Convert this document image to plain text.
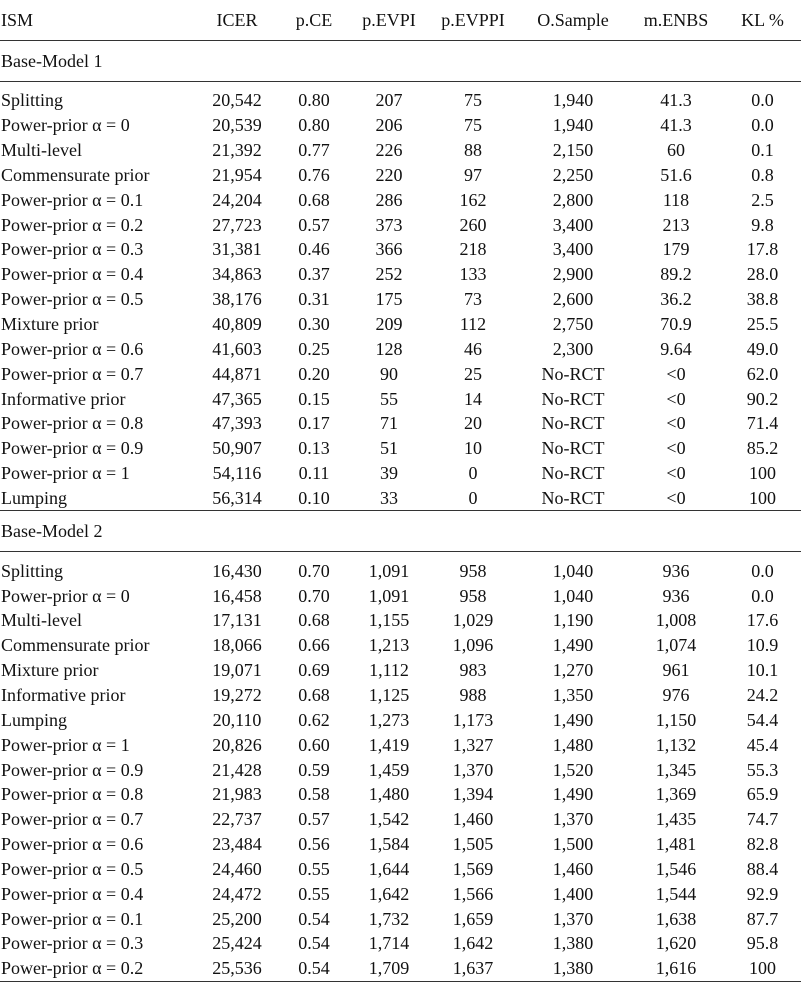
ISM	ICER	p.CE	p.EVPI	p.EVPPI	O.Sample	m.ENBS	KL %
Base-Model 1							
Splitting	20,542	0.80	207	75	1,940	41.3	0.0
Power-prior α = 0	20,539	0.80	206	75	1,940	41.3	0.0
Multi-level	21,392	0.77	226	88	2,150	60	0.1
Commensurate prior	21,954	0.76	220	97	2,250	51.6	0.8
Power-prior α = 0.1	24,204	0.68	286	162	2,800	118	2.5
Power-prior α = 0.2	27,723	0.57	373	260	3,400	213	9.8
Power-prior α = 0.3	31,381	0.46	366	218	3,400	179	17.8
Power-prior α = 0.4	34,863	0.37	252	133	2,900	89.2	28.0
Power-prior α = 0.5	38,176	0.31	175	73	2,600	36.2	38.8
Mixture prior	40,809	0.30	209	112	2,750	70.9	25.5
Power-prior α = 0.6	41,603	0.25	128	46	2,300	9.64	49.0
Power-prior α = 0.7	44,871	0.20	90	25	No-RCT	<0	62.0
Informative prior	47,365	0.15	55	14	No-RCT	<0	90.2
Power-prior α = 0.8	47,393	0.17	71	20	No-RCT	<0	71.4
Power-prior α = 0.9	50,907	0.13	51	10	No-RCT	<0	85.2
Power-prior α = 1	54,116	0.11	39	0	No-RCT	<0	100
Lumping	56,314	0.10	33	0	No-RCT	<0	100
Base-Model 2							
Splitting	16,430	0.70	1,091	958	1,040	936	0.0
Power-prior α = 0	16,458	0.70	1,091	958	1,040	936	0.0
Multi-level	17,131	0.68	1,155	1,029	1,190	1,008	17.6
Commensurate prior	18,066	0.66	1,213	1,096	1,490	1,074	10.9
Mixture prior	19,071	0.69	1,112	983	1,270	961	10.1
Informative prior	19,272	0.68	1,125	988	1,350	976	24.2
Lumping	20,110	0.62	1,273	1,173	1,490	1,150	54.4
Power-prior α = 1	20,826	0.60	1,419	1,327	1,480	1,132	45.4
Power-prior α = 0.9	21,428	0.59	1,459	1,370	1,520	1,345	55.3
Power-prior α = 0.8	21,983	0.58	1,480	1,394	1,490	1,369	65.9
Power-prior α = 0.7	22,737	0.57	1,542	1,460	1,370	1,435	74.7
Power-prior α = 0.6	23,484	0.56	1,584	1,505	1,500	1,481	82.8
Power-prior α = 0.5	24,460	0.55	1,644	1,569	1,460	1,546	88.4
Power-prior α = 0.4	24,472	0.55	1,642	1,566	1,400	1,544	92.9
Power-prior α = 0.1	25,200	0.54	1,732	1,659	1,370	1,638	87.7
Power-prior α = 0.3	25,424	0.54	1,714	1,642	1,380	1,620	95.8
Power-prior α = 0.2	25,536	0.54	1,709	1,637	1,380	1,616	100
